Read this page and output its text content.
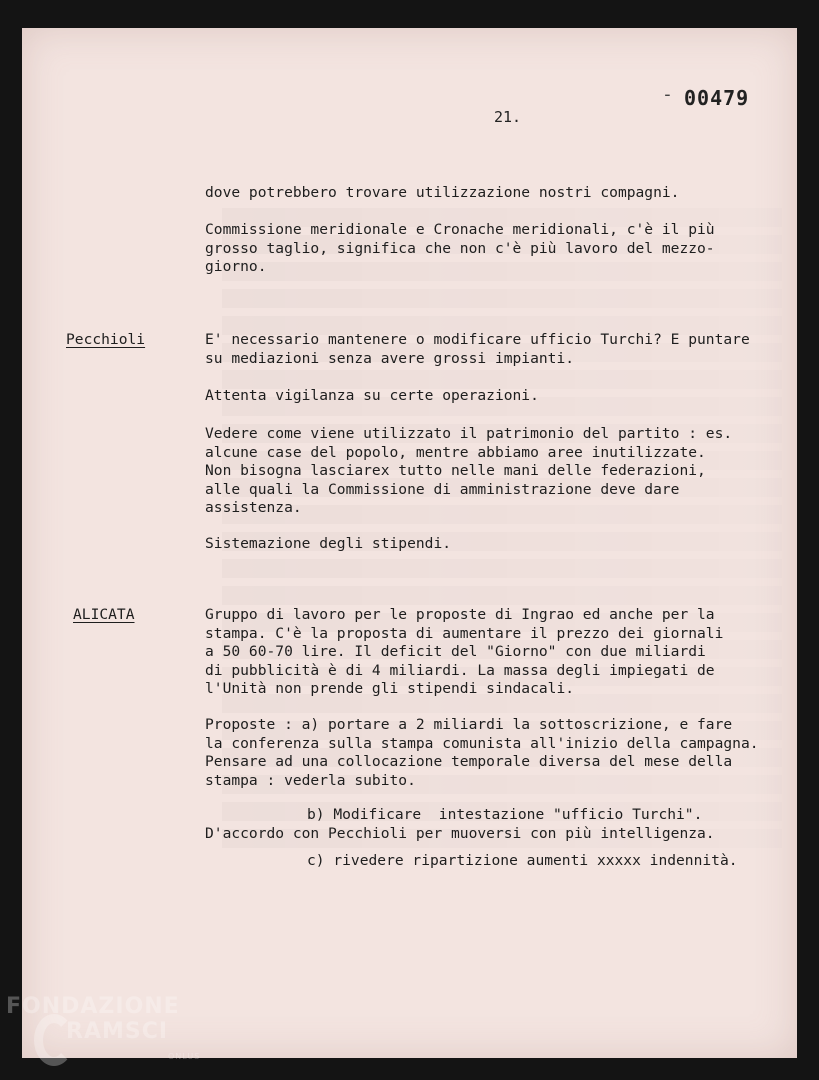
- 00479
21.

dove potrebbero trovare utilizzazione nostri compagni.

Commissione meridionale e Cronache meridionali, c'è il più
grosso taglio, significa che non c'è più lavoro del mezzo-
giorno.

Pecchioli	E' necessario mantenere o modificare ufficio Turchi? E puntare
su mediazioni senza avere grossi impianti.

Attenta vigilanza su certe operazioni.

Vedere come viene utilizzato il patrimonio del partito : es.
alcune case del popolo, mentre abbiamo aree inutilizzate.
Non bisogna lasciarex tutto nelle mani delle federazioni,
alle quali la Commissione di amministrazione deve dare
assistenza.

Sistemazione degli stipendi.

ALICATA	Gruppo di lavoro per le proposte di Ingrao ed anche per la
stampa. C'è la proposta di aumentare il prezzo dei giornali
a 50 60-70 lire. Il deficit del "Giorno" con due miliardi
di pubblicità è di 4 miliardi. La massa degli impiegati de
l'Unità non prende gli stipendi sindacali.

Proposte : a) portare a 2 miliardi la sottoscrizione, e fare
la conferenza sulla stampa comunista all'inizio della campagna.
Pensare ad una collocazione temporale diversa del mese della
stampa : vederla subito.

b) Modificare  intestazione "ufficio Turchi".

D'accordo con Pecchioli per muoversi con più intelligenza.

c) rivedere ripartizione aumenti xxxxx indennità.

FONDAZIONE
RAMSCI
ONLUS
